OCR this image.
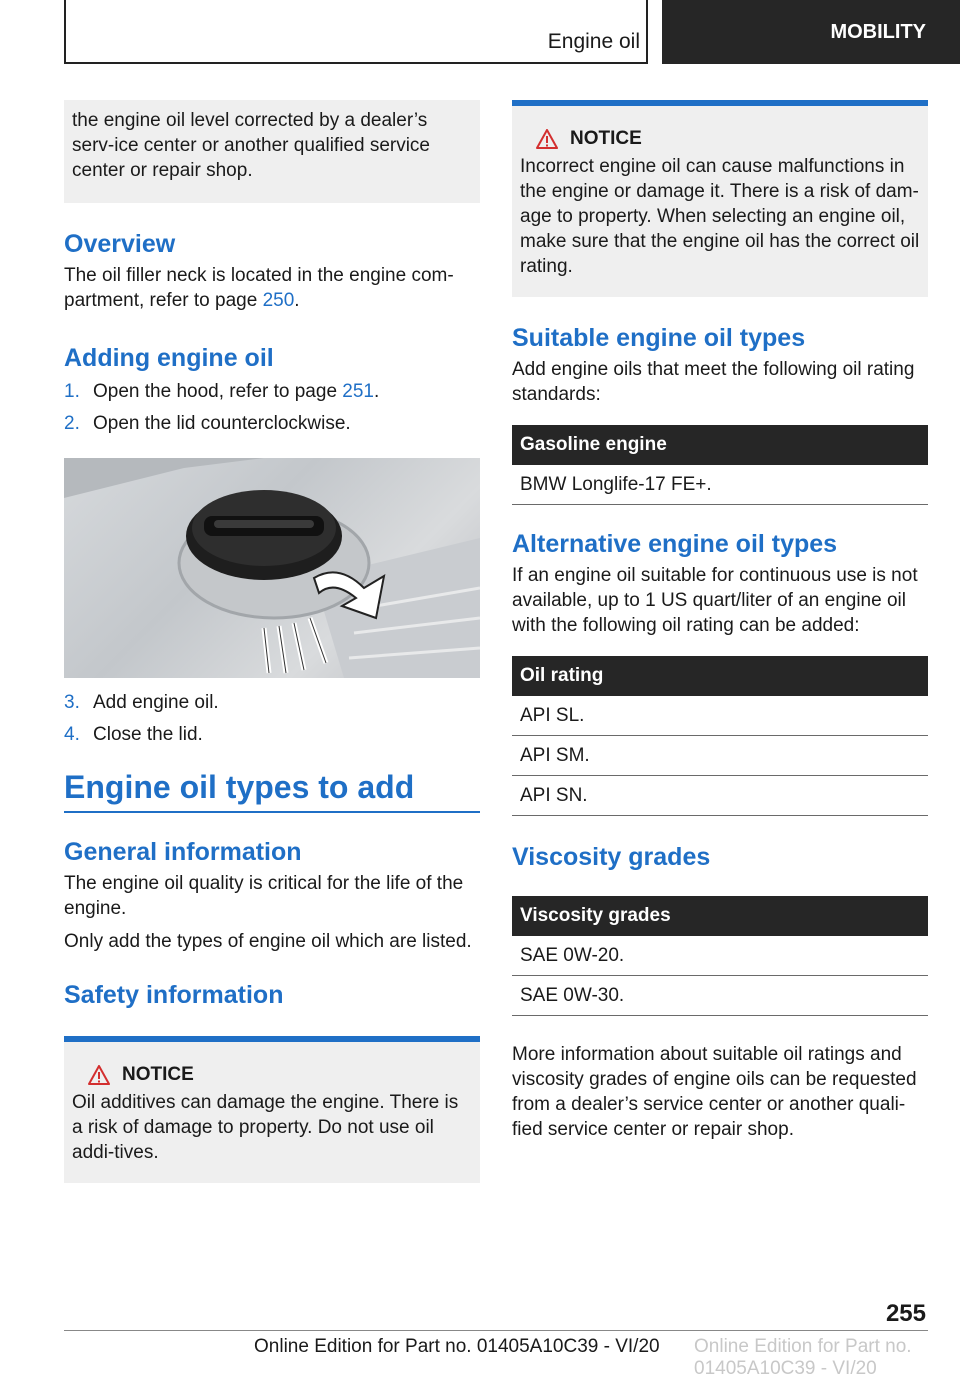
Engine oil	MOBILITY

the engine oil level corrected by a dealer’s serv‐ice center or another qualified service center or repair shop.

Overview

The oil filler neck is located in the engine com‐partment, refer to page 250.

Adding engine oil
1. Open the hood, refer to page 251.
2. Open the lid counterclockwise.
3. Add engine oil.
4. Close the lid.
Engine oil types to add
General information

The engine oil quality is critical for the life of the engine.

Only add the types of engine oil which are listed.

Safety information
NOTICE

Oil additives can damage the engine. There is a risk of damage to property. Do not use oil addi‐tives.

NOTICE

Incorrect engine oil can cause malfunctions in the engine or damage it. There is a risk of dam‐age to property. When selecting an engine oil, make sure that the engine oil has the correct oil rating.

Suitable engine oil types

Add engine oils that meet the following oil rating standards:

Gasoline engine
BMW Longlife-17 FE+.
Alternative engine oil types

If an engine oil suitable for continuous use is not available, up to 1 US quart/liter of an engine oil with the following oil rating can be added:

Oil rating
API SL.
API SM.
API SN.
Viscosity grades
Viscosity grades
SAE 0W-20.
SAE 0W-30.

More information about suitable oil ratings and viscosity grades of engine oils can be requested from a dealer’s service center or another quali‐fied service center or repair shop.

255
Online Edition for Part no. 01405A10C39 - VI/20 Online Edition for Part no. 01405A10C39 - VI/20
